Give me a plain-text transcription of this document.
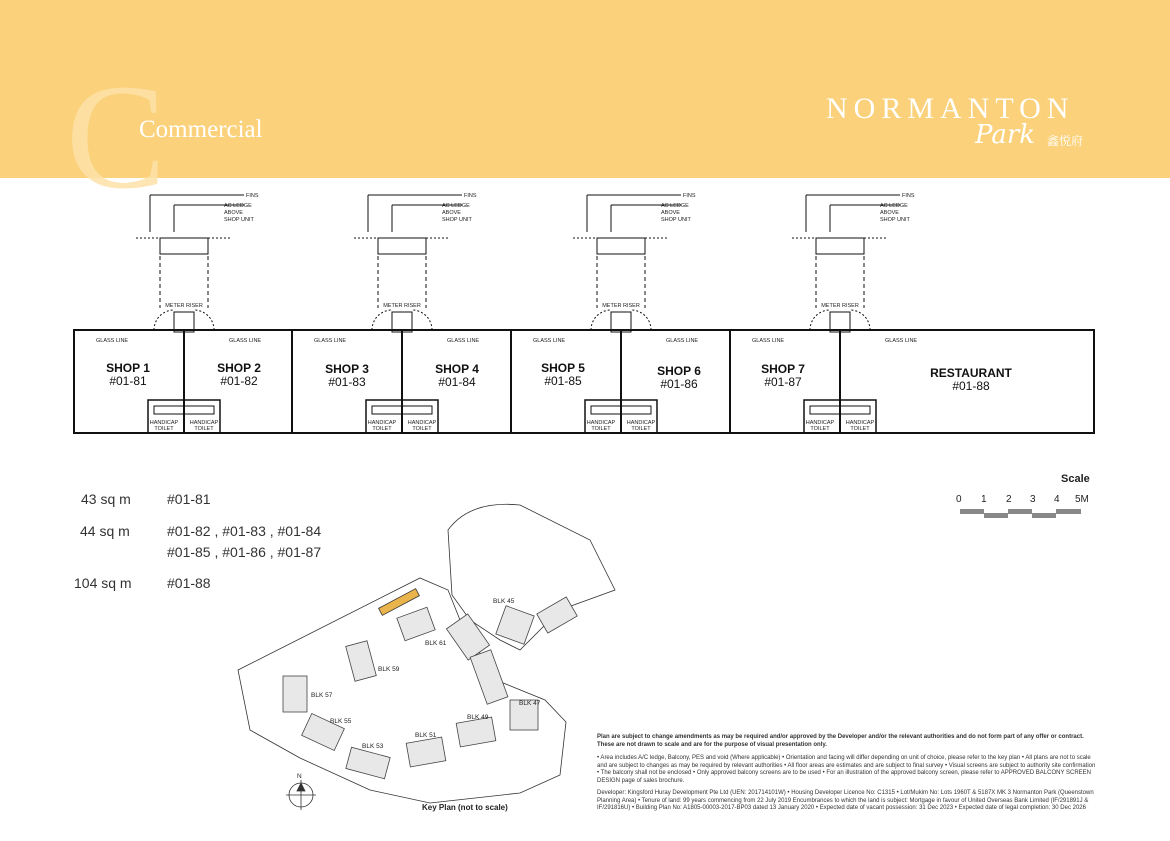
C
Commercial
NORMANTON
Park 鑫悦府
FINS
AC LEDGE
ABOVE
SHOP UNIT
METER RISER
GLASS LINE	GLASS LINE
HANDICAP HANDICAP
TOILET	TOILET
FINS
AC LEDGE
ABOVE
SHOP UNIT
METER RISER
GLASS LINE	GLASS LINE
HANDICAP HANDICAP
TOILET	TOILET
FINS
AC LEDGE
ABOVE
SHOP UNIT
METER RISER
GLASS LINE	GLASS LINE
HANDICAP HANDICAP
TOILET	TOILET
FINS
AC LEDGE
ABOVE
SHOP UNIT
METER RISER
GLASS LINE	GLASS LINE
HANDICAP HANDICAP
TOILET	TOILET
SHOP 1
#01-81
SHOP 2
#01-82
SHOP 3
#01-83
SHOP 4
#01-84
SHOP 5
#01-85
SHOP 6
#01-86
SHOP 7
#01-87
RESTAURANT
#01-88
BLK 45
BLK 61
BLK 59
BLK 57
BLK 55
BLK 53
BLK 51
BLK 49
BLK 47
N
43 sq m	#01-81
44 sq m	#01-82 , #01-83 , #01-84
#01-85 , #01-86 , #01-87
104 sq m	#01-88
Scale
0 1 2 3 4 5M
Key Plan (not to scale)
Plan are subject to change amendments as may be required and/or approved by the Developer and/or the relevant authorities and do not form part of any offer or contract. These are not drawn to scale and are for the purpose of visual presentation only.
• Area includes A/C ledge, Balcony, PES and void (Where applicable) • Orientation and facing will differ depending on unit of choice, please refer to the key plan • All plans are not to scale and are subject to changes as may be required by relevant authorities • All floor areas are estimates and are subject to final survey • Visual screens are subject to authority site confirmation • The balcony shall not be enclosed • Only approved balcony screens are to be used • For an illustration of the approved balcony screen, please refer to APPROVED BALCONY SCREEN DESIGN page of sales brochure.
Developer: Kingsford Huray Development Pte Ltd (UEN: 201714101W) • Housing Developer Licence No: C1315 • Lot/Mukim No: Lots 1960T & 5187X MK 3 Normanton Park (Queenstown Planning Area) • Tenure of land: 99 years commencing from 22 July 2019 Encumbrances to which the land is subject: Mortgage in favour of United Overseas Bank Limited (IF/291891J & IF/291816U) • Building Plan No: A1805-00003-2017-BP03 dated 13 January 2020 • Expected date of vacant possession: 31 Dec 2023 • Expected date of legal completion: 30 Dec 2026
